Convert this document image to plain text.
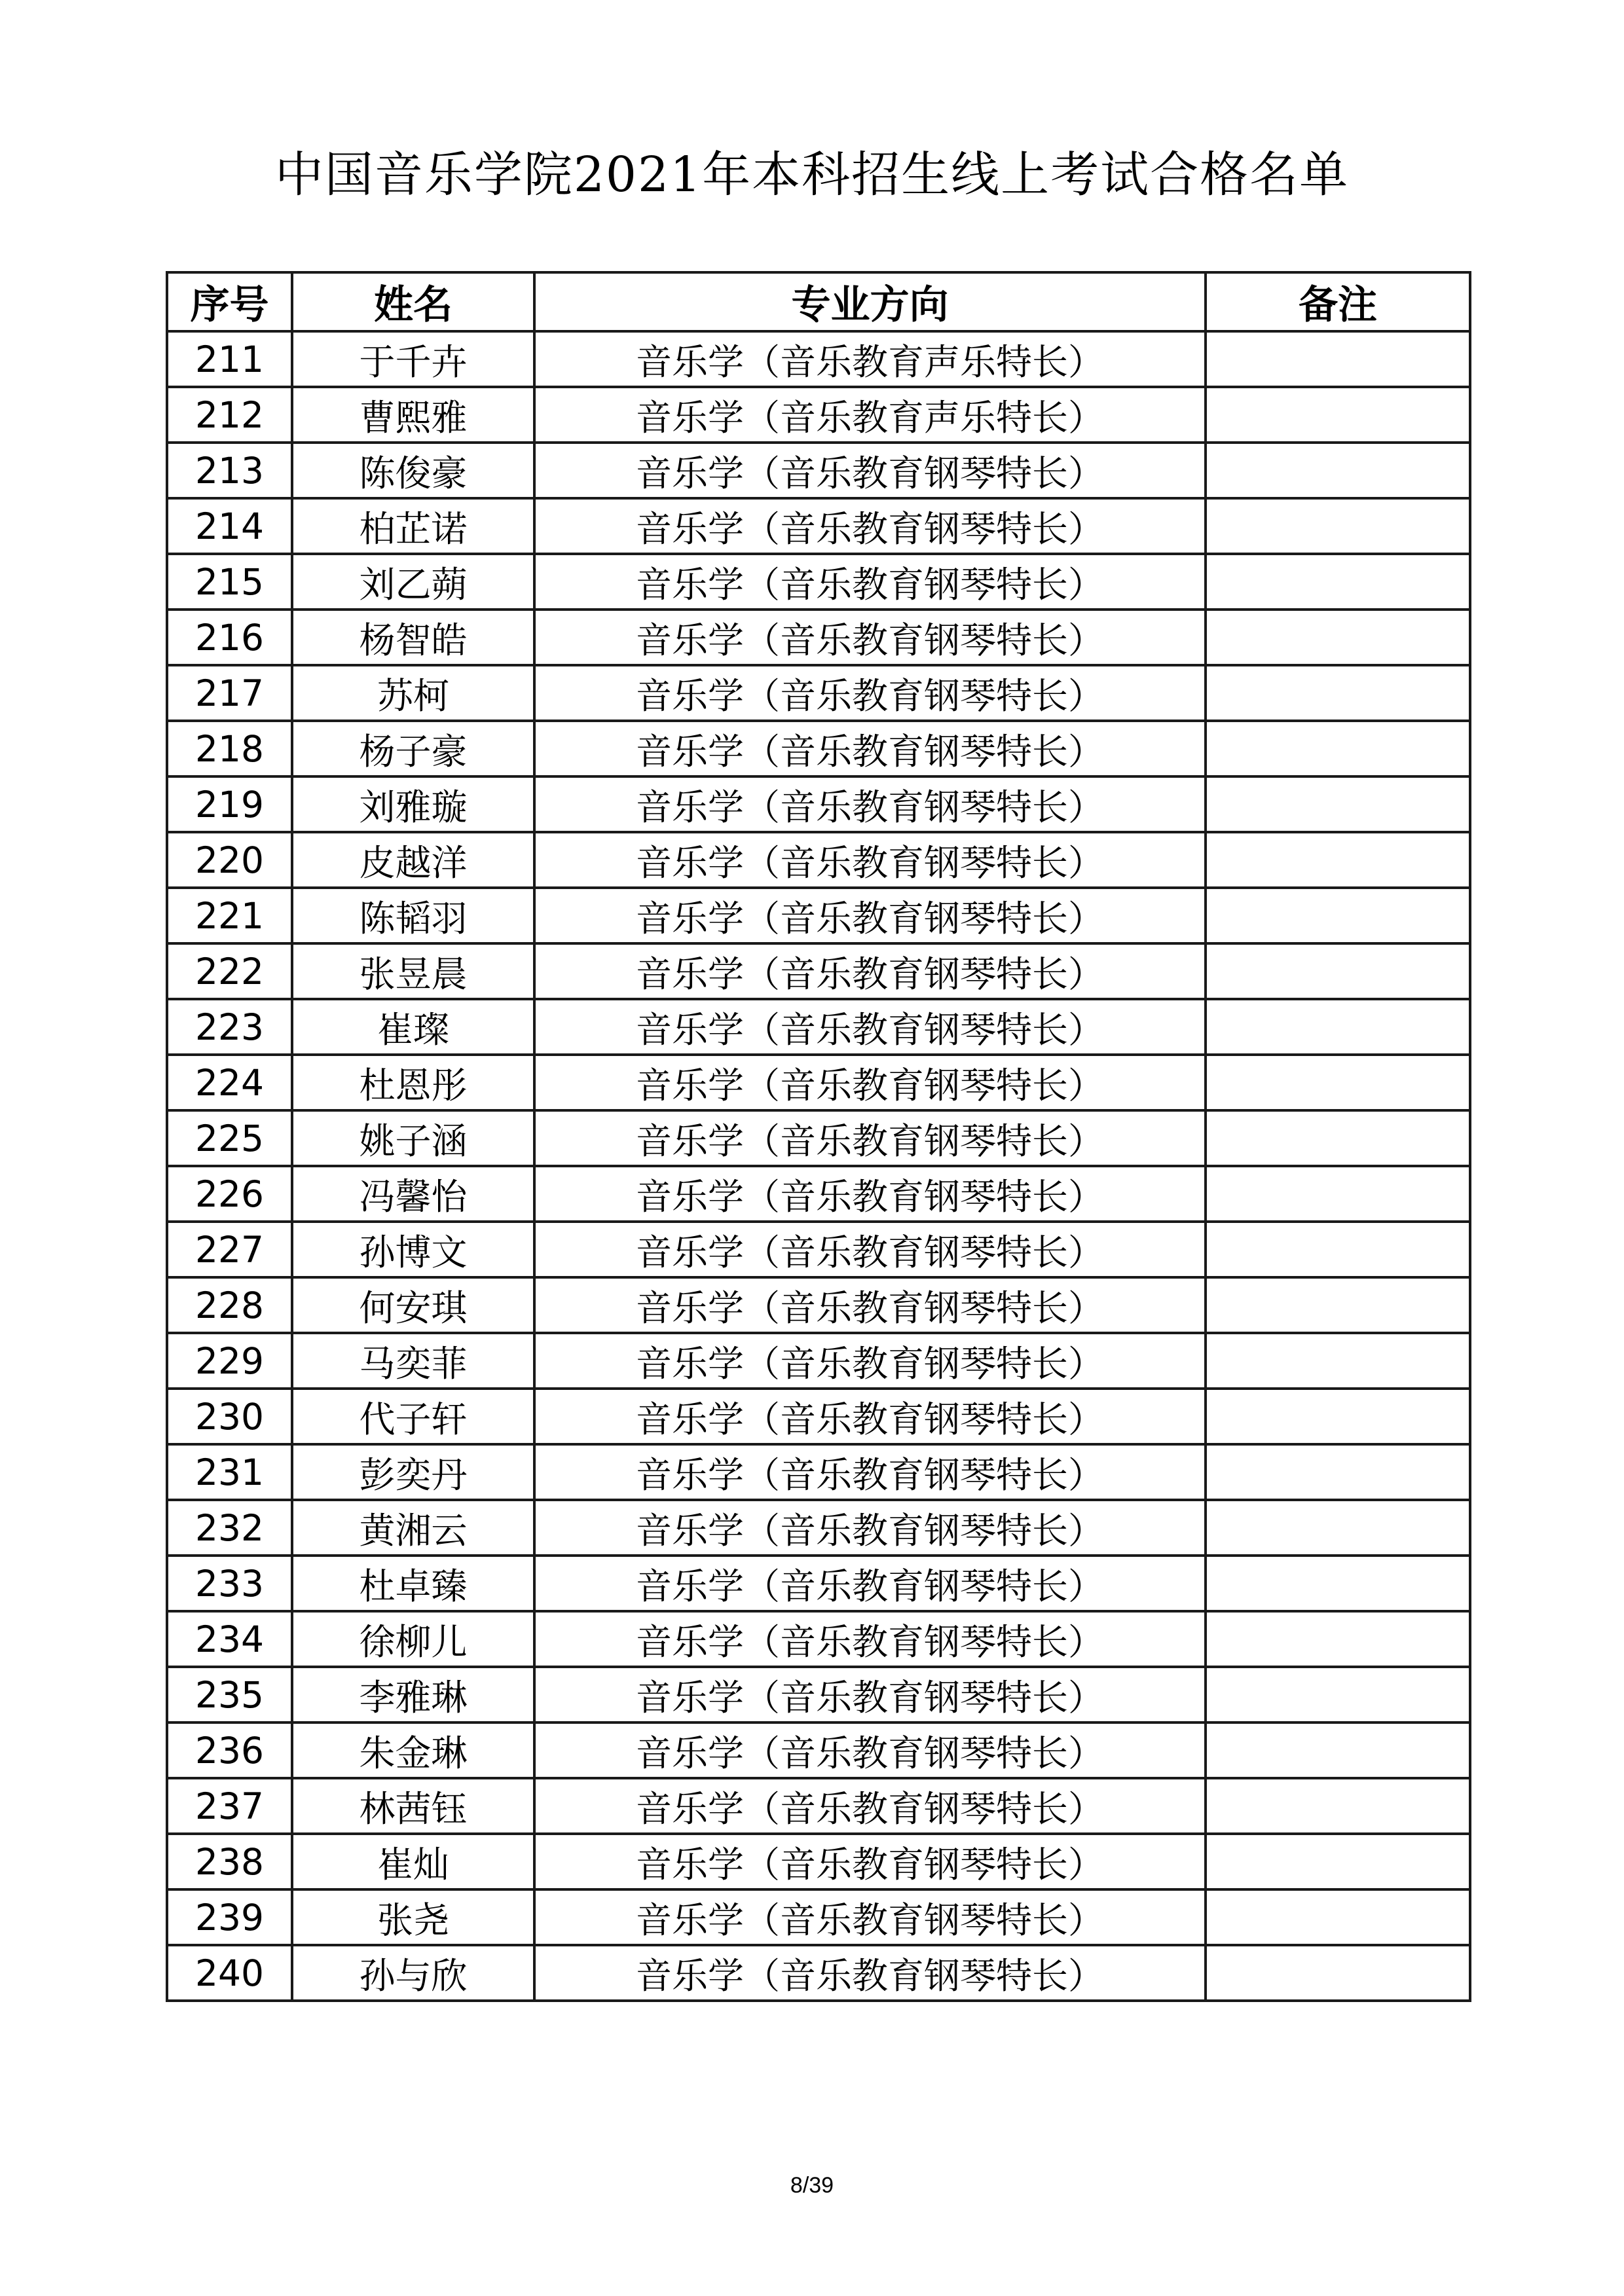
中国音乐学院2021年本科招生线上考试合格名单
序号	姓名	专业方向	备注
211	于千卉	音乐学（音乐教育声乐特长）	
212	曹熙雅	音乐学（音乐教育声乐特长）	
213	陈俊豪	音乐学（音乐教育钢琴特长）	
214	柏芷诺	音乐学（音乐教育钢琴特长）	
215	刘乙蒴	音乐学（音乐教育钢琴特长）	
216	杨智皓	音乐学（音乐教育钢琴特长）	
217	苏柯	音乐学（音乐教育钢琴特长）	
218	杨子豪	音乐学（音乐教育钢琴特长）	
219	刘雅璇	音乐学（音乐教育钢琴特长）	
220	皮越洋	音乐学（音乐教育钢琴特长）	
221	陈韬羽	音乐学（音乐教育钢琴特长）	
222	张昱晨	音乐学（音乐教育钢琴特长）	
223	崔璨	音乐学（音乐教育钢琴特长）	
224	杜恩彤	音乐学（音乐教育钢琴特长）	
225	姚子涵	音乐学（音乐教育钢琴特长）	
226	冯馨怡	音乐学（音乐教育钢琴特长）	
227	孙博文	音乐学（音乐教育钢琴特长）	
228	何安琪	音乐学（音乐教育钢琴特长）	
229	马奕菲	音乐学（音乐教育钢琴特长）	
230	代子轩	音乐学（音乐教育钢琴特长）	
231	彭奕丹	音乐学（音乐教育钢琴特长）	
232	黄湘云	音乐学（音乐教育钢琴特长）	
233	杜卓臻	音乐学（音乐教育钢琴特长）	
234	徐柳儿	音乐学（音乐教育钢琴特长）	
235	李雅琳	音乐学（音乐教育钢琴特长）	
236	朱金琳	音乐学（音乐教育钢琴特长）	
237	林茜钰	音乐学（音乐教育钢琴特长）	
238	崔灿	音乐学（音乐教育钢琴特长）	
239	张尧	音乐学（音乐教育钢琴特长）	
240	孙与欣	音乐学（音乐教育钢琴特长）	
8/39
